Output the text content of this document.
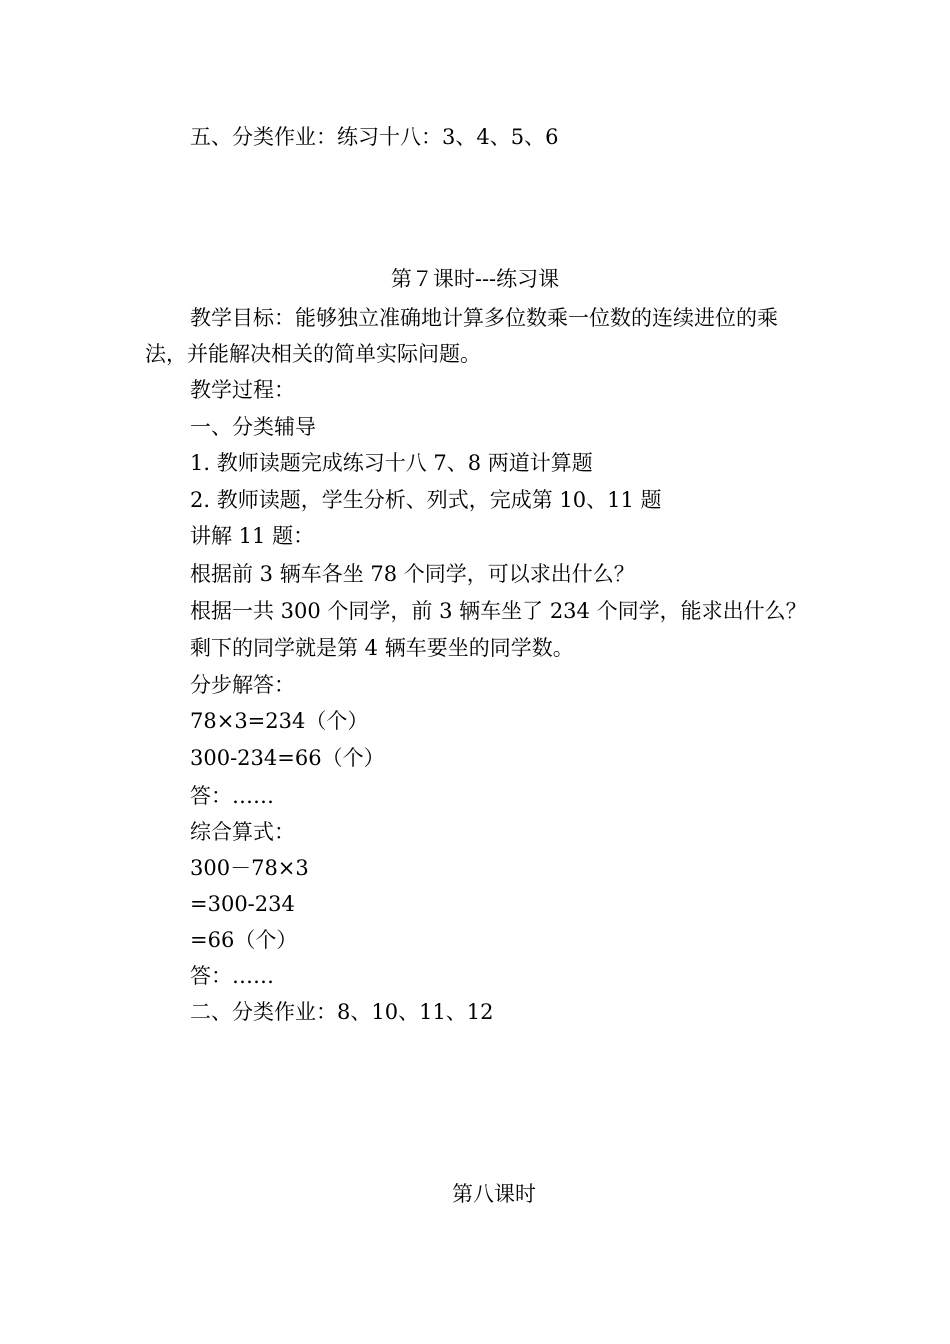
五、分类作业：练习十八：3、4、5、6
第７课时---练习课
教学目标：能够独立准确地计算多位数乘一位数的连续进位的乘
法，并能解决相关的简单实际问题。
教学过程：
一、分类辅导
1. 教师读题完成练习十八 7、8 两道计算题
2. 教师读题，学生分析、列式，完成第 10、11 题
讲解 11 题：
根据前 3 辆车各坐 78 个同学，可以求出什么？
根据一共 300 个同学，前 3 辆车坐了 234 个同学，能求出什么？
剩下的同学就是第 4 辆车要坐的同学数。
分步解答：
78×3=234（个）
300-234=66（个）
答：……
综合算式：
300－78×3
=300-234
=66（个）
答：……
二、分类作业：8、10、11、12
第八课时
